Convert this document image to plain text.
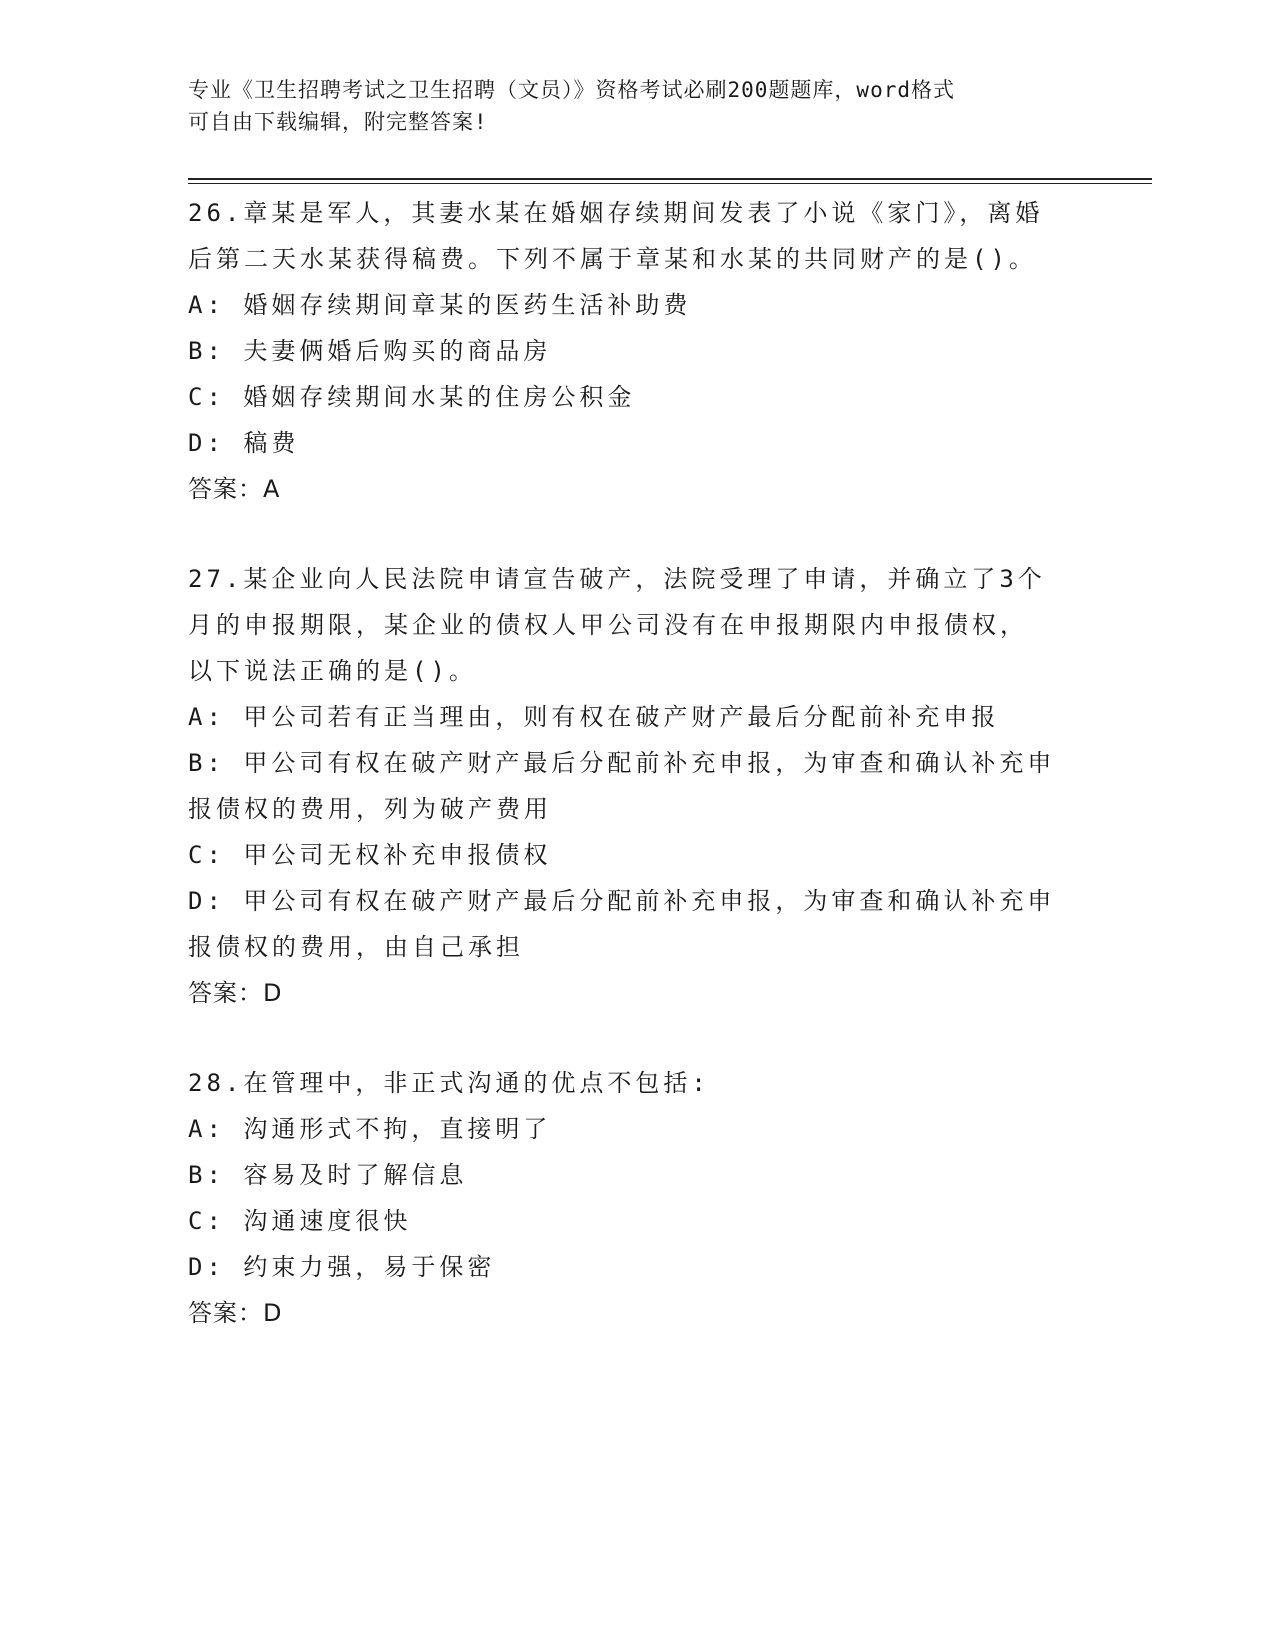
专业《卫生招聘考试之卫生招聘（文员）》资格考试必刷200题题库，word格式
可自由下载编辑，附完整答案!
26.章某是军人，其妻水某在婚姻存续期间发表了小说《家门》，离婚
后第二天水某获得稿费。下列不属于章某和水某的共同财产的是()。
A: 婚姻存续期间章某的医药生活补助费
B: 夫妻俩婚后购买的商品房
C: 婚姻存续期间水某的住房公积金
D: 稿费
答案：A
27.某企业向人民法院申请宣告破产，法院受理了申请，并确立了3个
月的申报期限，某企业的债权人甲公司没有在申报期限内申报债权，
以下说法正确的是()。
A: 甲公司若有正当理由，则有权在破产财产最后分配前补充申报
B: 甲公司有权在破产财产最后分配前补充申报，为审查和确认补充申
报债权的费用，列为破产费用
C: 甲公司无权补充申报债权
D: 甲公司有权在破产财产最后分配前补充申报，为审查和确认补充申
报债权的费用，由自己承担
答案：D
28.在管理中，非正式沟通的优点不包括:
A: 沟通形式不拘，直接明了
B: 容易及时了解信息
C: 沟通速度很快
D: 约束力强，易于保密
答案：D
